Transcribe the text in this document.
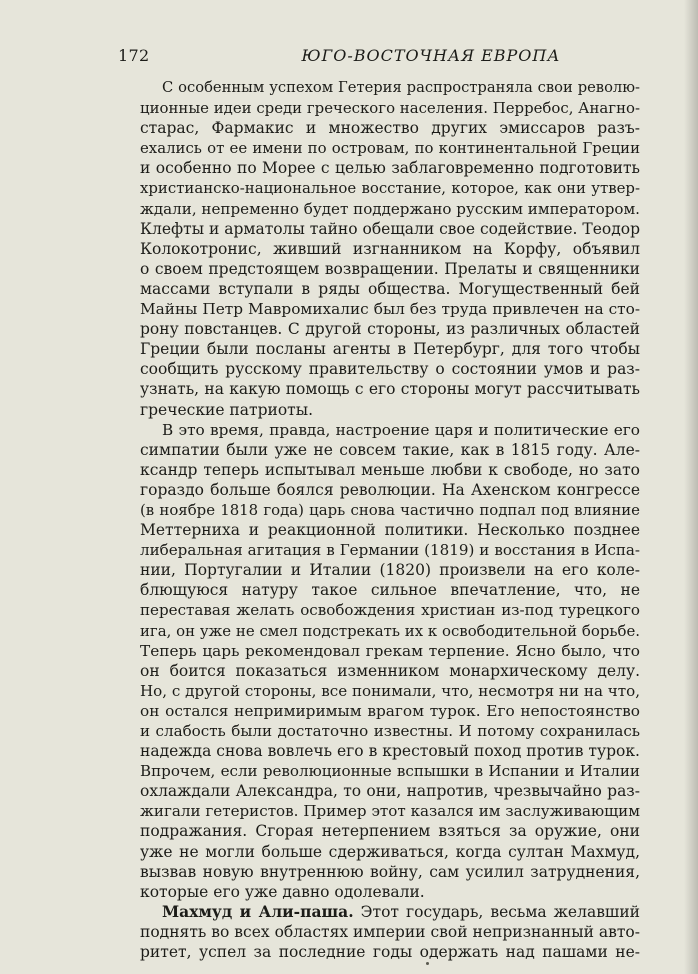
172	ЮГО-ВОСТОЧНАЯ ЕВРОПА
С особенным успехом Гетерия распространяла свои револю-
ционные идеи среди греческого населения. Перребос, Анагно-
старас, Фармакис и множество других эмиссаров разъ-
ехались от ее имени по островам, по континентальной Греции
и особенно по Морее с целью заблаговременно подготовить
христианско-национальное восстание, которое, как они утвер-
ждали, непременно будет поддержано русским императором.
Клефты и арматолы тайно обещали свое содействие. Теодор
Колокотронис, живший изгнанником на Корфу, объявил
о своем предстоящем возвращении. Прелаты и священники
массами вступали в ряды общества. Могущественный бей
Майны Петр Мавромихалис был без труда привлечен на сто-
рону повстанцев. С другой стороны, из различных областей
Греции были посланы агенты в Петербург, для того чтобы
сообщить русскому правительству о состоянии умов и раз-
узнать, на какую помощь с его стороны могут рассчитывать
греческие патриоты.
В это время, правда, настроение царя и политические его
симпатии были уже не совсем такие, как в 1815 году. Але-
ксандр теперь испытывал меньше любви к свободе, но зато
гораздо больше боялся революции. На Ахенском конгрессе
(в ноябре 1818 года) царь снова частично подпал под влияние
Меттерниха и реакционной политики. Несколько позднее
либеральная агитация в Германии (1819) и восстания в Испа-
нии, Португалии и Италии (1820) произвели на его коле-
блющуюся натуру такое сильное впечатление, что, не
переставая желать освобождения христиан из-под турецкого
ига, он уже не смел подстрекать их к освободительной борьбе.
Теперь царь рекомендовал грекам терпение. Ясно было, что
он боится показаться изменником монархическому делу.
Но, с другой стороны, все понимали, что, несмотря ни на что,
он остался непримиримым врагом турок. Его непостоянство
и слабость были достаточно известны. И потому сохранилась
надежда снова вовлечь его в крестовый поход против турок.
Впрочем, если революционные вспышки в Испании и Италии
охлаждали Александра, то они, напротив, чрезвычайно раз-
жигали гетеристов. Пример этот казался им заслуживающим
подражания. Сгорая нетерпением взяться за оружие, они
уже не могли больше сдерживаться, когда султан Махмуд,
вызвав новую внутреннюю войну, сам усилил затруднения,
которые его уже давно одолевали.
Махмуд и Али-паша. Этот государь, весьма желавший
поднять во всех областях империи свой непризнанный авто-
ритет, успел за последние годы одержать над пашами не-
